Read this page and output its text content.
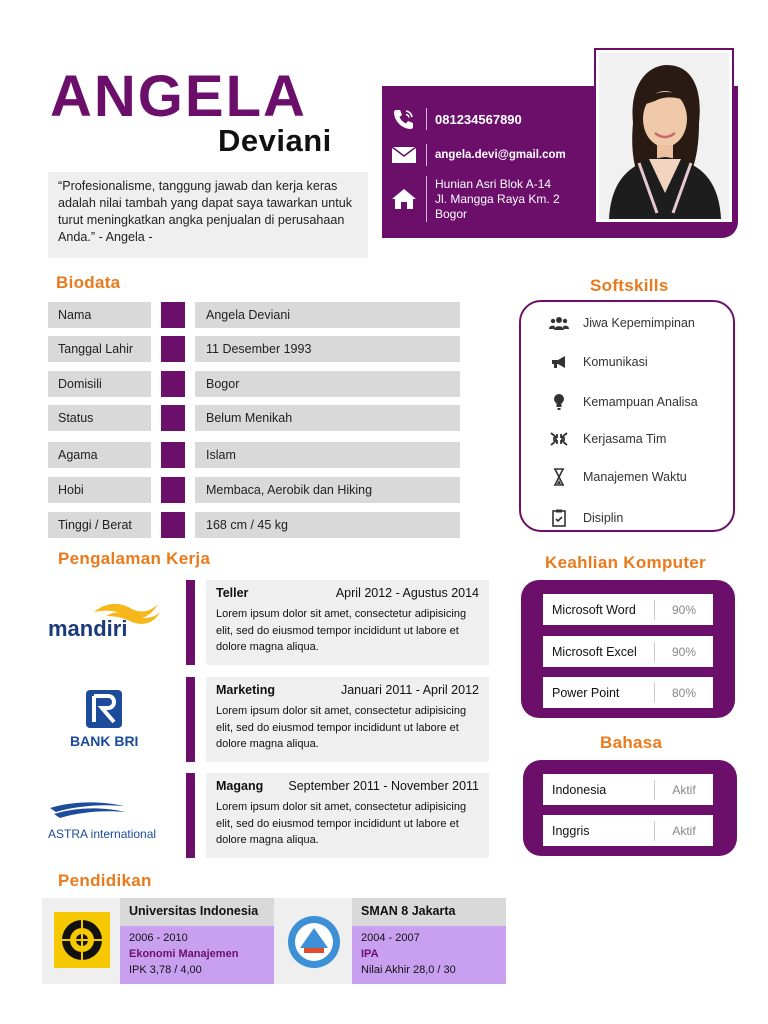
ANGELA
Deviani
“Profesionalisme, tanggung jawab dan kerja keras adalah nilai tambah yang dapat saya tawarkan untuk turut meningkatkan angka penjualan di perusahaan Anda.” - Angela -
081234567890
angela.devi@gmail.com
Hunian Asri Blok A-14
Jl. Mangga Raya Km. 2
Bogor
Biodata
Nama	Angela Deviani
Tanggal Lahir	11 Desember 1993
Domisili	Bogor
Status	Belum Menikah
Agama	Islam
Hobi	Membaca, Aerobik dan Hiking
Tinggi / Berat	168 cm / 45 kg
Softskills
Jiwa Kepemimpinan
Komunikasi
Kemampuan Analisa
Kerjasama Tim
Manajemen Waktu
Disiplin
Pengalaman Kerja
mandiri
Teller	April 2012 - Agustus 2014
Lorem ipsum dolor sit amet, consectetur adipisicing elit, sed do eiusmod tempor incididunt ut labore et dolore magna aliqua.
BANK BRI
Marketing	Januari 2011 - April 2012
Lorem ipsum dolor sit amet, consectetur adipisicing elit, sed do eiusmod tempor incididunt ut labore et dolore magna aliqua.
ASTRA international
Magang September 2011 - November 2011
Lorem ipsum dolor sit amet, consectetur adipisicing elit, sed do eiusmod tempor incididunt ut labore et dolore magna aliqua.
Keahlian Komputer
Microsoft Word	90%
Microsoft Excel	90%
Power Point	80%
Bahasa
Indonesia	Aktif
Inggris	Aktif
Pendidikan
Universitas Indonesia
2006 - 2010
Ekonomi Manajemen
IPK 3,78 / 4,00
SMAN 8 Jakarta
2004 - 2007
IPA
Nilai Akhir 28,0 / 30
